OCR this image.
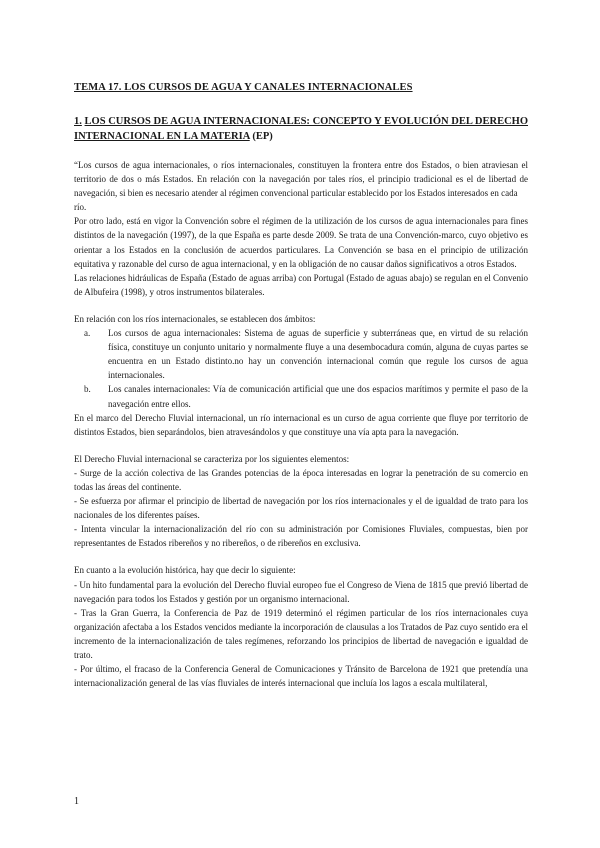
TEMA 17. LOS CURSOS DE AGUA Y CANALES INTERNACIONALES
1. LOS CURSOS DE AGUA INTERNACIONALES: CONCEPTO Y EVOLUCIÓN DEL DERECHO INTERNACIONAL EN LA MATERIA (EP)

“Los cursos de agua internacionales, o ríos internacionales, constituyen la frontera entre dos Estados, o bien atraviesan el territorio de dos o más Estados. En relación con la navegación por tales ríos, el principio tradicional es el de libertad de navegación, si bien es necesario atender al régimen convencional particular establecido por los Estados interesados en cada

río.

Por otro lado, está en vigor la Convención sobre el régimen de la utilización de los cursos de agua internacionales para fines distintos de la navegación (1997), de la que España es parte desde 2009. Se trata de una Convención-marco, cuyo objetivo es orientar a los Estados en la conclusión de acuerdos particulares. La Convención se basa en el principio de utilización equitativa y razonable del curso de agua internacional, y en la obligación de no causar daños significativos a otros Estados.

Las relaciones hidráulicas de España (Estado de aguas arriba) con Portugal (Estado de aguas abajo) se regulan en el Convenio de Albufeira (1998), y otros instrumentos bilaterales.

En relación con los ríos internacionales, se establecen dos ámbitos:

a. Los cursos de agua internacionales: Sistema de aguas de superficie y subterráneas que, en virtud de su relación física, constituye un conjunto unitario y normalmente fluye a una desembocadura común, alguna de cuyas partes se encuentra en un Estado distinto.no hay un convención internacional común que regule los cursos de agua internacionales.
b. Los canales internacionales: Vía de comunicación artificial que une dos espacios marítimos y permite el paso de la navegación entre ellos.

En el marco del Derecho Fluvial internacional, un río internacional es un curso de agua corriente que fluye por territorio de distintos Estados, bien separándolos, bien atravesándolos y que constituye una vía apta para la navegación.

El Derecho Fluvial internacional se caracteriza por los siguientes elementos:

- Surge de la acción colectiva de las Grandes potencias de la época interesadas en lograr la penetración de su comercio en todas las áreas del continente.

- Se esfuerza por afirmar el principio de libertad de navegación por los ríos internacionales y el de igualdad de trato para los nacionales de los diferentes países.

- Intenta vincular la internacionalización del río con su administración por Comisiones Fluviales, compuestas, bien por representantes de Estados ribereños y no ribereños, o de ribereños en exclusiva.

En cuanto a la evolución histórica, hay que decir lo siguiente:

- Un hito fundamental para la evolución del Derecho fluvial europeo fue el Congreso de Viena de 1815 que previó libertad de navegación para todos los Estados y gestión por un organismo internacional.

- Tras la Gran Guerra, la Conferencia de Paz de 1919 determinó el régimen particular de los ríos internacionales cuya organización afectaba a los Estados vencidos mediante la incorporación de clausulas a los Tratados de Paz cuyo sentido era el incremento de la internacionalización de tales regímenes, reforzando los principios de libertad de navegación e igualdad de trato.

- Por último, el fracaso de la Conferencia General de Comunicaciones y Tránsito de Barcelona de 1921 que pretendía una internacionalización general de las vías fluviales de interés internacional que incluía los lagos a escala multilateral,

1
